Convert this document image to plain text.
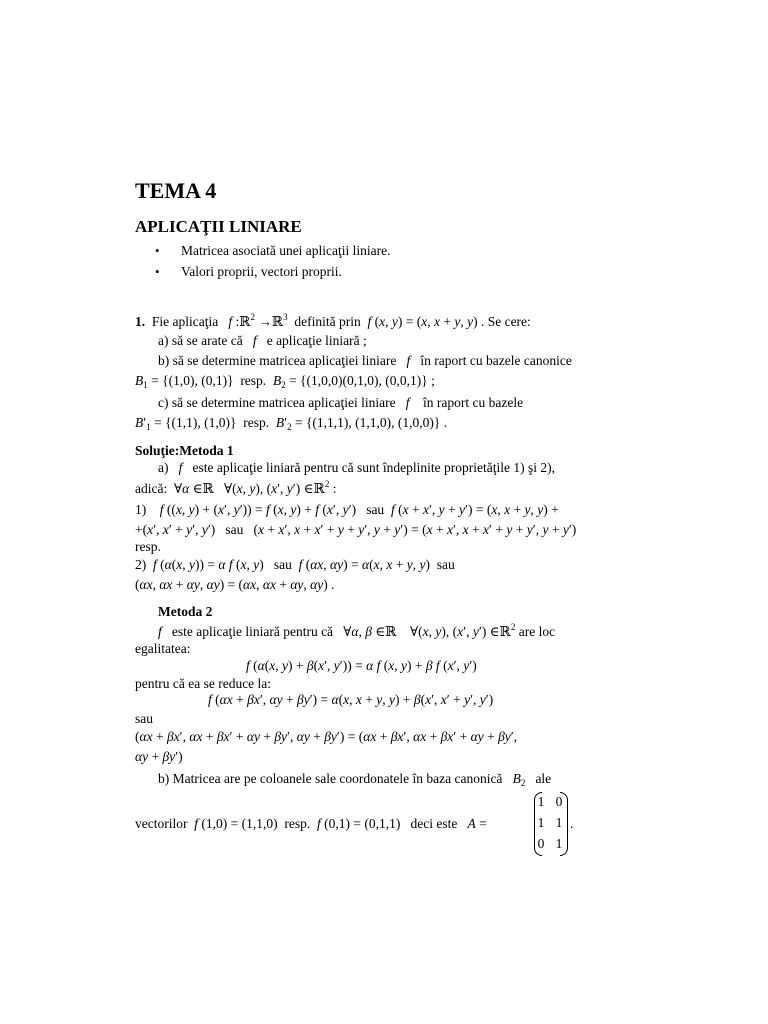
TEMA 4
APLICAŢII LINIARE
• Matricea asociată unei aplicaţii liniare.
• Valori proprii, vectori proprii.
1. Fie aplicaţia f :ℝ$^2$ →ℝ$^3$ definită prin f (x, y) = (x, x + y, y) . Se cere:
a) să se arate că f e aplicaţie liniară ;
b) să se determine matricea aplicaţiei liniare f în raport cu bazele canonice
$B_1 = \{(1,0)$, (0,1)}  resp. $B_2 = \{(1,0,0)(0,1,0)$, (0,0,1)} ;
c) să se determine matricea aplicaţiei liniare f în raport cu bazele
$B'_1 = \{(1,1)$, (1,0)}  resp. $B'_2 = \{(1,1,1)$, (1,1,0), (1,0,0)} .
Soluţie:Metoda 1
a) f este aplicaţie liniară pentru că sunt îndeplinite proprietăţile 1) şi 2),
adică:  ∀α ∈ℝ   ∀(x, y), (x′, y′) ∈ℝ$^2$ :
1)    f ((x, y) + (x′, y′)) = f (x, y) + f (x′, y′)   sau f (x + x′, y + y′) = (x, x + y, y) +
+(x′, x′ + y′, y′)   sau   (x + x′, x + x′ + y + y′, y + y′) = (x + x′, x + x′ + y + y′, y + y′)
resp.
2)  f (α(x, y)) = α f (x, y)   sau f (αx, αy) = α(x, x + y, y)  sau
(αx, αx + αy, αy) = (αx, αx + αy, αy) .
Metoda 2
f este aplicaţie liniară pentru că   ∀α, β ∈ℝ    ∀(x, y), (x′, y′) ∈ℝ$^2$ are loc
egalitatea:
f (α(x, y) + β(x′, y′)) = α f (x, y) + β f (x′, y′)
pentru că ea se reduce la:
f (αx + βx′, αy + βy′) = α(x, x + y, y) + β(x′, x′ + y′, y′)
sau
(αx + βx′, αx + βx′ + αy + βy′, αy + βy′) = (αx + βx′, αx + βx′ + αy + βy′,
αy + βy′)
b) Matricea are pe coloanele sale coordonatele în baza canonică $B_2$ ale
vectorilor f (1,0) = (1,1,0)  resp. f (0,1) = (0,1,1)   deci este A =
1 0
1 1
0 1
.
